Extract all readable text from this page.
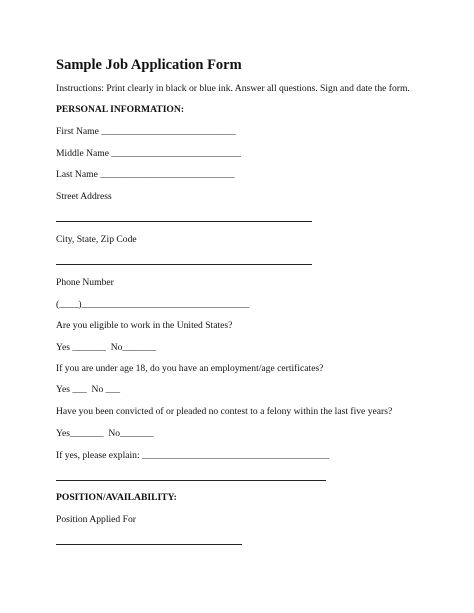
Sample Job Application Form
Instructions: Print clearly in black or blue ink. Answer all questions. Sign and date the form.
PERSONAL INFORMATION:
First Name ____________________________
Middle Name ___________________________
Last Name ____________________________
Street Address
City, State, Zip Code
Phone Number
(____)___________________________________
Are you eligible to work in the United States?
Yes _______  No_______
If you are under age 18, do you have an employment/age certificates?
Yes ___  No ___
Have you been convicted of or pleaded no contest to a felony within the last five years?
Yes_______  No_______
If yes, please explain: _______________________________________
POSITION/AVAILABILITY:
Position Applied For
